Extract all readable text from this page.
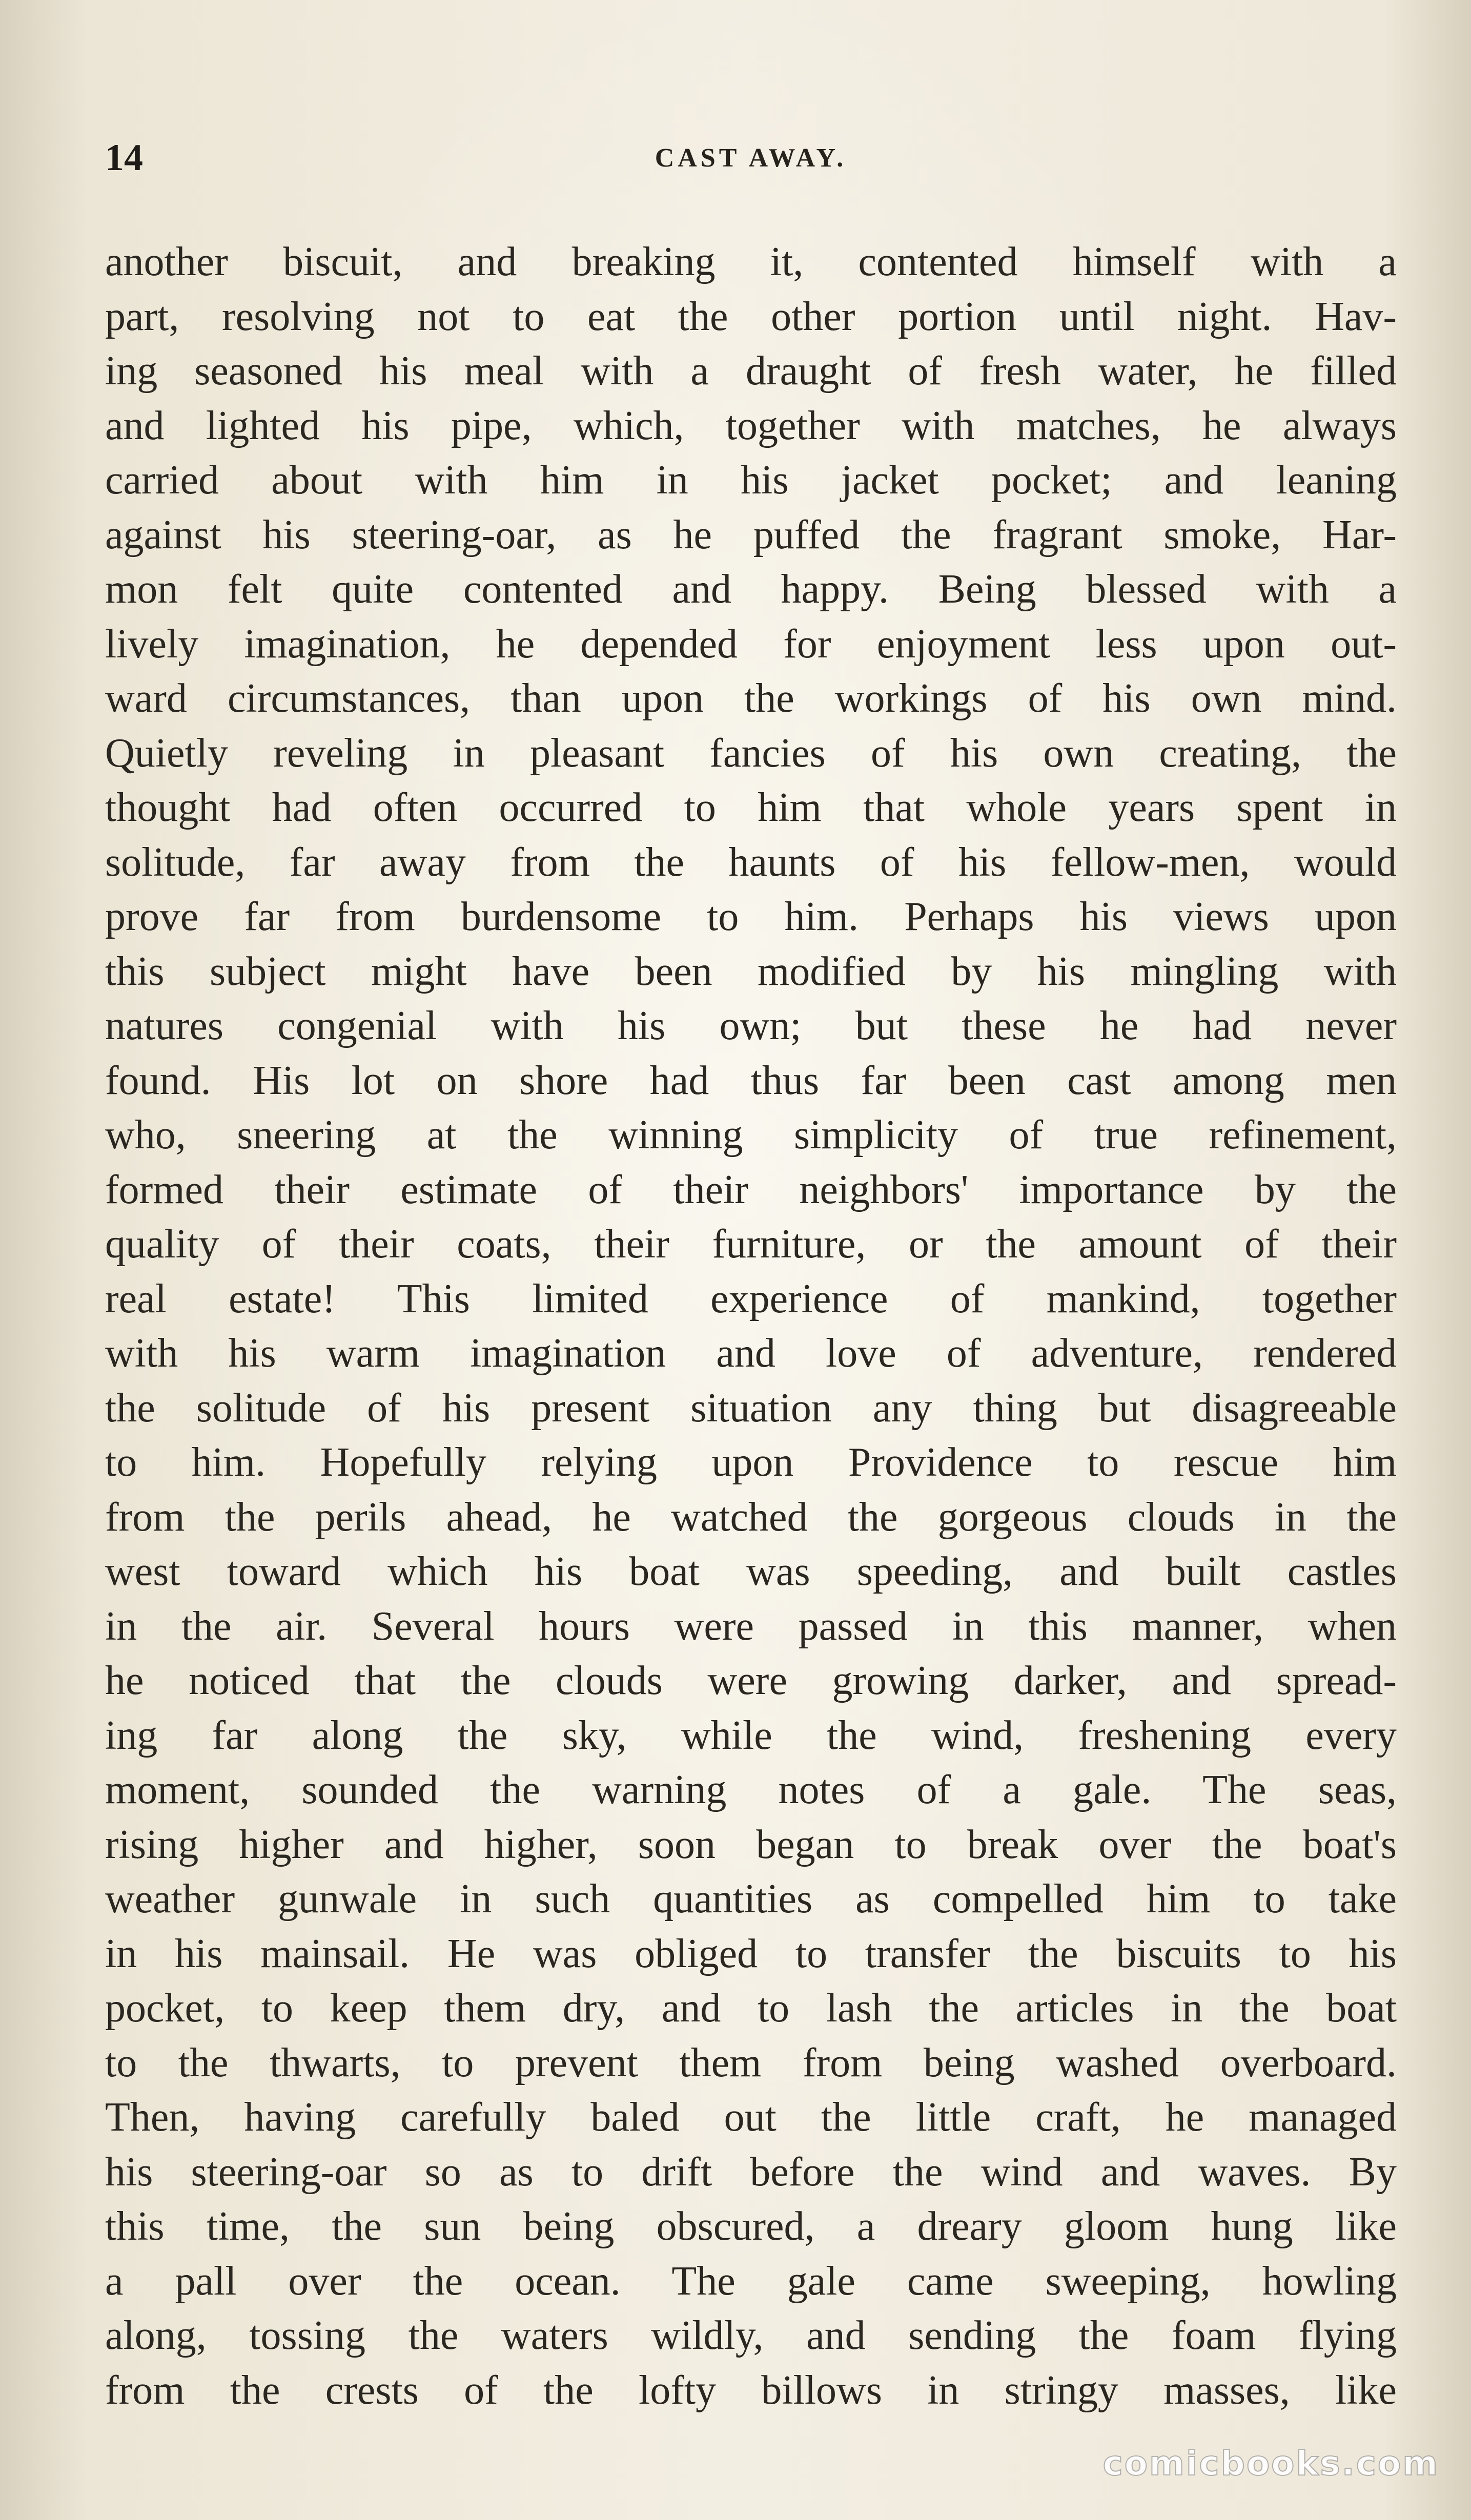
14	CAST AWAY.
another biscuit, and breaking it, contented himself with a
part, resolving not to eat the other portion until night. Hav-
ing seasoned his meal with a draught of fresh water, he filled
and lighted his pipe, which, together with matches, he always
carried about with him in his jacket pocket; and leaning
against his steering-oar, as he puffed the fragrant smoke, Har-
mon felt quite contented and happy. Being blessed with a
lively imagination, he depended for enjoyment less upon out-
ward circumstances, than upon the workings of his own mind.
Quietly reveling in pleasant fancies of his own creating, the
thought had often occurred to him that whole years spent in
solitude, far away from the haunts of his fellow-men, would
prove far from burdensome to him. Perhaps his views upon
this subject might have been modified by his mingling with
natures congenial with his own; but these he had never
found. His lot on shore had thus far been cast among men
who, sneering at the winning simplicity of true refinement,
formed their estimate of their neighbors' importance by the
quality of their coats, their furniture, or the amount of their
real estate! This limited experience of mankind, together
with his warm imagination and love of adventure, rendered
the solitude of his present situation any thing but disagreeable
to him. Hopefully relying upon Providence to rescue him
from the perils ahead, he watched the gorgeous clouds in the
west toward which his boat was speeding, and built castles
in the air. Several hours were passed in this manner, when
he noticed that the clouds were growing darker, and spread-
ing far along the sky, while the wind, freshening every
moment, sounded the warning notes of a gale. The seas,
rising higher and higher, soon began to break over the boat's
weather gunwale in such quantities as compelled him to take
in his mainsail. He was obliged to transfer the biscuits to his
pocket, to keep them dry, and to lash the articles in the boat
to the thwarts, to prevent them from being washed overboard.
Then, having carefully baled out the little craft, he managed
his steering-oar so as to drift before the wind and waves. By
this time, the sun being obscured, a dreary gloom hung like
a pall over the ocean. The gale came sweeping, howling
along, tossing the waters wildly, and sending the foam flying
from the crests of the lofty billows in stringy masses, like
comicbooks.com
